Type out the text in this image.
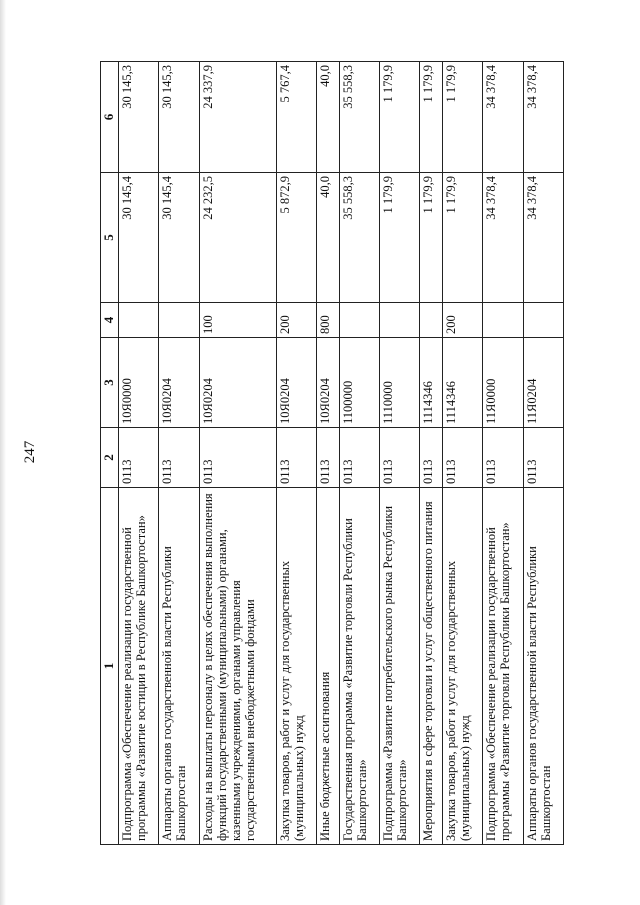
247
1	2	3	4	5	6
Подпрограмма «Обеспечение реализации государственной программы «Развитие юстиции в Республике Башкортостан»	0113	10Я0000		30 145,4	30 145,3
Аппараты органов государственной власти Республики Башкортостан	0113	10Я0204		30 145,4	30 145,3
Расходы на выплаты персоналу в целях обеспечения выполнения функций государственными (муниципальными) органами, казенными учреждениями, органами управления государственными внебюджетными фондами	0113	10Я0204	100	24 232,5	24 337,9
Закупка товаров, работ и услуг для государственных (муниципальных) нужд	0113	10Я0204	200	5 872,9	5 767,4
Иные бюджетные ассигнования	0113	10Я0204	800	40,0	40,0
Государственная программа «Развитие торговли Республики Башкортостан»	0113	1100000		35 558,3	35 558,3
Подпрограмма «Развитие потребительского рынка Республики Башкортостан»	0113	1110000		1 179,9	1 179,9
Мероприятия в сфере торговли и услуг общественного питания	0113	1114346		1 179,9	1 179,9
Закупка товаров, работ и услуг для государственных (муниципальных) нужд	0113	1114346	200	1 179,9	1 179,9
Подпрограмма «Обеспечение реализации государственной программы «Развитие торговли Республики Башкортостан»	0113	11Я0000		34 378,4	34 378,4
Аппараты органов государственной власти Республики Башкортостан	0113	11Я0204		34 378,4	34 378,4
